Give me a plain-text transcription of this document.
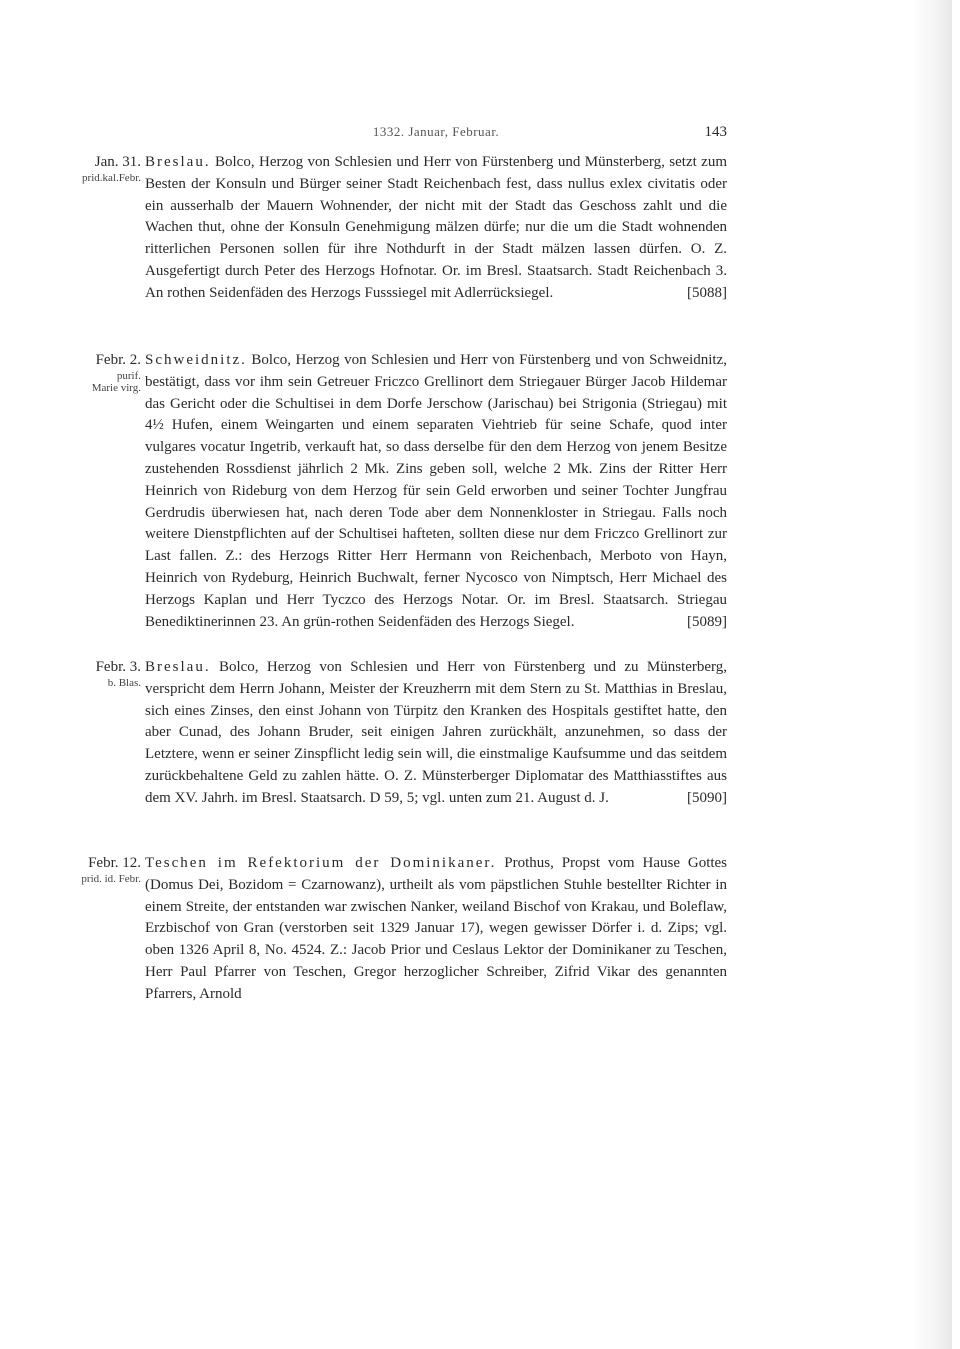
1332. Januar, Februar.	143
Jan. 31.
prid.kal.Febr.

Breslau. Bolco, Herzog von Schlesien und Herr von Fürstenberg und Münsterberg, setzt zum Besten der Konsuln und Bürger seiner Stadt Reichenbach fest, dass nullus exlex civitatis oder ein ausserhalb der Mauern Wohnender, der nicht mit der Stadt das Geschoss zahlt und die Wachen thut, ohne der Konsuln Genehmigung mälzen dürfe; nur die um die Stadt wohnenden ritterlichen Personen sollen für ihre Nothdurft in der Stadt mälzen lassen dürfen. O. Z. Ausgefertigt durch Peter des Herzogs Hofnotar. Or. im Bresl. Staatsarch. Stadt Reichenbach 3. An rothen Seidenfäden des Herzogs Fusssiegel mit Adlerrücksiegel.	[5088]

Febr. 2.
purif. Marie virg.

Schweidnitz. Bolco, Herzog von Schlesien und Herr von Fürstenberg und von Schweidnitz, bestätigt, dass vor ihm sein Getreuer Friczco Grellinort dem Striegauer Bürger Jacob Hildemar das Gericht oder die Schultisei in dem Dorfe Jerschow (Jarischau) bei Strigonia (Striegau) mit 4½ Hufen, einem Weingarten und einem separaten Viehtrieb für seine Schafe, quod inter vulgares vocatur Ingetrib, verkauft hat, so dass derselbe für den dem Herzog von jenem Besitze zustehenden Rossdienst jährlich 2 Mk. Zins geben soll, welche 2 Mk. Zins der Ritter Herr Heinrich von Rideburg von dem Herzog für sein Geld erworben und seiner Tochter Jungfrau Gerdrudis überwiesen hat, nach deren Tode aber dem Nonnenkloster in Striegau. Falls noch weitere Dienstpflichten auf der Schultisei hafteten, sollten diese nur dem Friczco Grellinort zur Last fallen. Z.: des Herzogs Ritter Herr Hermann von Reichenbach, Merboto von Hayn, Heinrich von Rydeburg, Heinrich Buchwalt, ferner Nycosco von Nimptsch, Herr Michael des Herzogs Kaplan und Herr Tyczco des Herzogs Notar. Or. im Bresl. Staatsarch. Striegau Benediktinerinnen 23. An grün-rothen Seidenfäden des Herzogs Siegel.	[5089]

Febr. 3.
b. Blas.

Breslau. Bolco, Herzog von Schlesien und Herr von Fürstenberg und zu Münsterberg, verspricht dem Herrn Johann, Meister der Kreuzherrn mit dem Stern zu St. Matthias in Breslau, sich eines Zinses, den einst Johann von Türpitz den Kranken des Hospitals gestiftet hatte, den aber Cunad, des Johann Bruder, seit einigen Jahren zurückhält, anzunehmen, so dass der Letztere, wenn er seiner Zinspflicht ledig sein will, die einstmalige Kaufsumme und das seitdem zurückbehaltene Geld zu zahlen hätte. O. Z. Münsterberger Diplomatar des Matthiasstiftes aus dem XV. Jahrh. im Bresl. Staatsarch. D 59, 5; vgl. unten zum 21. August d. J.	[5090]

Febr. 12.
prid. id. Febr.

Teschen im Refektorium der Dominikaner. Prothus, Propst vom Hause Gottes (Domus Dei, Bozidom = Czarnowanz), urtheilt als vom päpstlichen Stuhle bestellter Richter in einem Streite, der entstanden war zwischen Nanker, weiland Bischof von Krakau, und Boleflaw, Erzbischof von Gran (verstorben seit 1329 Januar 17), wegen gewisser Dörfer i. d. Zips; vgl. oben 1326 April 8, No. 4524. Z.: Jacob Prior und Ceslaus Lektor der Dominikaner zu Teschen, Herr Paul Pfarrer von Teschen, Gregor herzoglicher Schreiber, Zifrid Vikar des genannten Pfarrers, Arnold
